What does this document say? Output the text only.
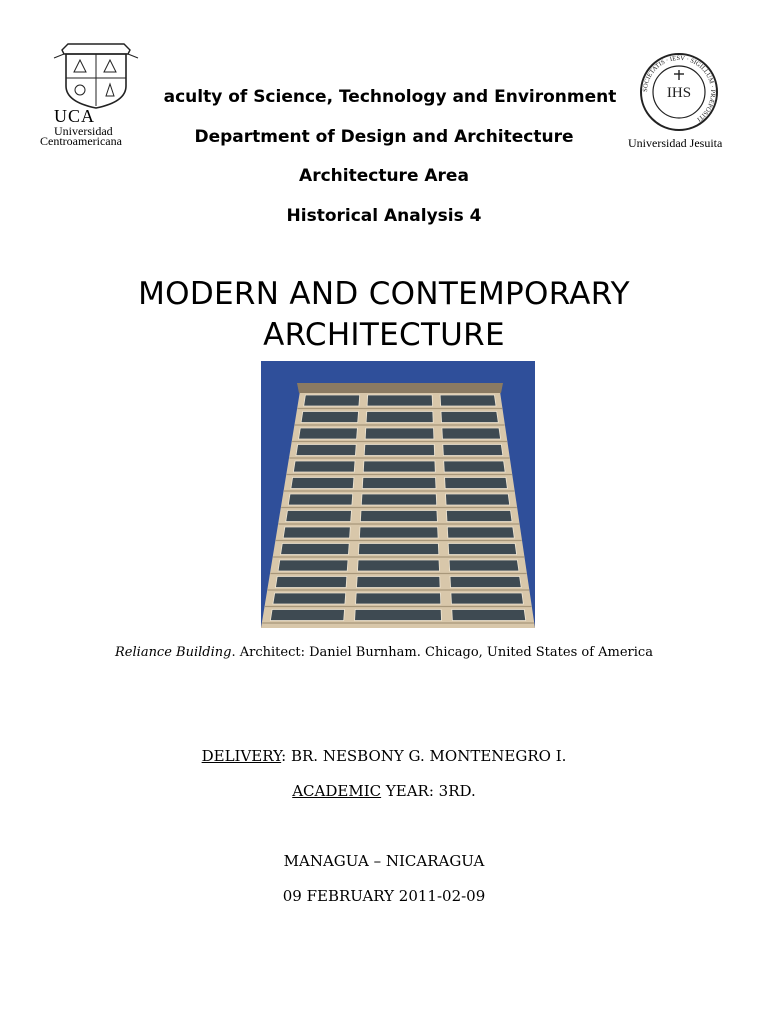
UCA
Universidad
Centroamericana
SOCIETATIS · IESV · SIGILLUM · PRÆPOSITI
IHS
Universidad Jesuita
aculty of Science, Technology and Environment
Department of Design and Architecture
Architecture Area
Historical Analysis 4
MODERN AND CONTEMPORARY
ARCHITECTURE
Reliance Building. Architect: Daniel Burnham. Chicago, United States of America
DELIVERY: BR. NESBONY G. MONTENEGRO I.
ACADEMIC YEAR: 3RD.
MANAGUA – NICARAGUA
09 FEBRUARY 2011-02-09
